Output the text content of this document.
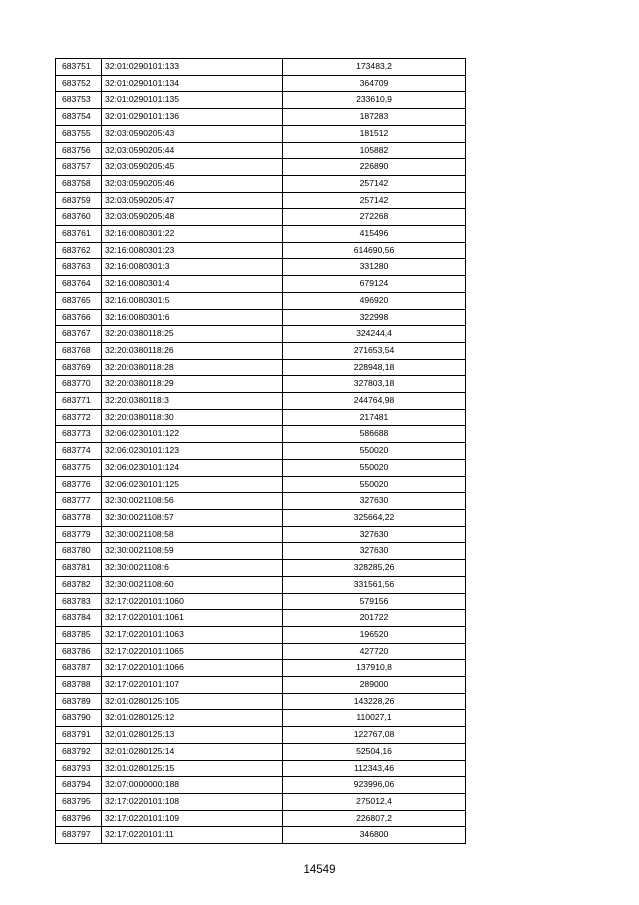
683751	32:01:0290101:133	173483,2
683752	32:01:0290101:134	364709
683753	32:01:0290101:135	233610,9
683754	32:01:0290101:136	187283
683755	32:03:0590205:43	181512
683756	32:03:0590205:44	105882
683757	32:03:0590205:45	226890
683758	32:03:0590205:46	257142
683759	32:03:0590205:47	257142
683760	32:03:0590205:48	272268
683761	32:16:0080301:22	415496
683762	32:16:0080301:23	614690,56
683763	32:16:0080301:3	331280
683764	32:16:0080301:4	679124
683765	32:16:0080301:5	496920
683766	32:16:0080301:6	322998
683767	32:20:0380118:25	324244,4
683768	32:20:0380118:26	271653,54
683769	32:20:0380118:28	228948,18
683770	32:20:0380118:29	327803,18
683771	32:20:0380118:3	244764,98
683772	32:20:0380118:30	217481
683773	32:06:0230101:122	586688
683774	32:06:0230101:123	550020
683775	32:06:0230101:124	550020
683776	32:06:0230101:125	550020
683777	32:30:0021108:56	327630
683778	32:30:0021108:57	325664,22
683779	32:30:0021108:58	327630
683780	32:30:0021108:59	327630
683781	32:30:0021108:6	328285,26
683782	32:30:0021108:60	331561,56
683783	32:17:0220101:1060	579156
683784	32:17:0220101:1061	201722
683785	32:17:0220101:1063	196520
683786	32:17:0220101:1065	427720
683787	32:17:0220101:1066	137910,8
683788	32:17:0220101:107	289000
683789	32:01:0280125:105	143228,26
683790	32:01:0280125:12	110027,1
683791	32:01:0280125:13	122767,08
683792	32:01:0280125:14	52504,16
683793	32:01:0280125:15	112343,46
683794	32:07:0000000:188	923996,06
683795	32:17:0220101:108	275012,4
683796	32:17:0220101:109	226807,2
683797	32:17:0220101:11	346800
14549
